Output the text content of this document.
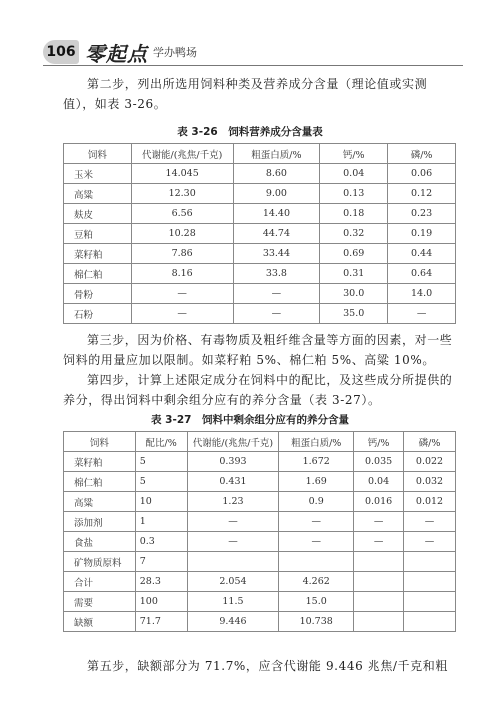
106 零起点 学办鸭场

第二步，列出所选用饲料种类及营养成分含量（理论值或实测值），如表 3-26。

表 3-26　饲料营养成分含量表
饲料	代谢能/(兆焦/千克)	粗蛋白质/%	钙/%	磷/%
玉米	14.045	8.60	0.04	0.06
高粱	12.30	9.00	0.13	0.12
麸皮	6.56	14.40	0.18	0.23
豆粕	10.28	44.74	0.32	0.19
菜籽粕	7.86	33.44	0.69	0.44
棉仁粕	8.16	33.8	0.31	0.64
骨粉	—	—	30.0	14.0
石粉	—	—	35.0	—

第三步，因为价格、有毒物质及粗纤维含量等方面的因素，对一些饲料的用量应加以限制。如菜籽粕 5%、棉仁粕 5%、高粱 10%。

第四步，计算上述限定成分在饲料中的配比，及这些成分所提供的养分，得出饲料中剩余组分应有的养分含量（表 3-27）。

表 3-27　饲料中剩余组分应有的养分含量
饲料	配比/%	代谢能/(兆焦/千克)	粗蛋白质/%	钙/%	磷/%
菜籽粕	5	0.393	1.672	0.035	0.022
棉仁粕	5	0.431	1.69	0.04	0.032
高粱	10	1.23	0.9	0.016	0.012
添加剂	1	—	—	—	—
食盐	0.3	—	—	—	—
矿物质原料	7				
合计	28.3	2.054	4.262		
需要	100	11.5	15.0		
缺额	71.7	9.446	10.738		

第五步，缺额部分为 71.7%，应含代谢能 9.446 兆焦/千克和粗
